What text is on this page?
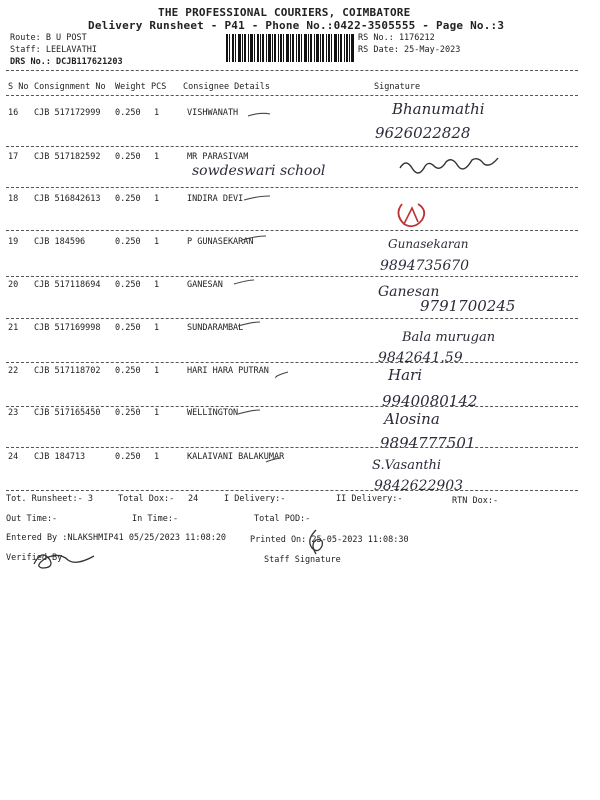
THE PROFESSIONAL COURIERS, COIMBATORE
Delivery Runsheet - P41 - Phone No.:0422-3505555 - Page No.:3
Route: B U POST
Staff: LEELAVATHI
DRS No.: DCJB117621203
RS No.: 1176212
RS Date: 25-May-2023
S No Consignment No Weight PCS Consignee Details	Signature
16 CJB 517172999 0.250 1	VISHWANATH	Bhanumathi
9626022828
17 CJB 517182592 0.250 1	MR PARASIVAM
sowdeswari school
18 CJB 516842613 0.250 1	INDIRA DEVI
19 CJB 184596	0.250 1	P GUNASEKARAN	Gunasekaran
9894735670
20 CJB 517118694 0.250 1	GANESAN	Ganesan
9791700245
21 CJB 517169998 0.250 1	SUNDARAMBAL
Bala murugan
9842641.59
22 CJB 517118702 0.250 1	HARI HARA PUTRAN	Hari
9940080142
23 CJB 517165450 0.250 1	WELLINGTON	Alosina
9894777501
24 CJB 184713	0.250 1	KALAIVANI BALAKUMAR
S.Vasanthi
9842622903
Tot. Runsheet:- 3	Total Dox:- 24	I Delivery:-	II Delivery:-	RTN Dox:-
Out Time:-	In Time:-	Total POD:-
Entered By :NLAKSHMIP41 05/25/2023 11:08:20	Printed On: 25-05-2023 11:08:30
Verified By	Staff Signature
